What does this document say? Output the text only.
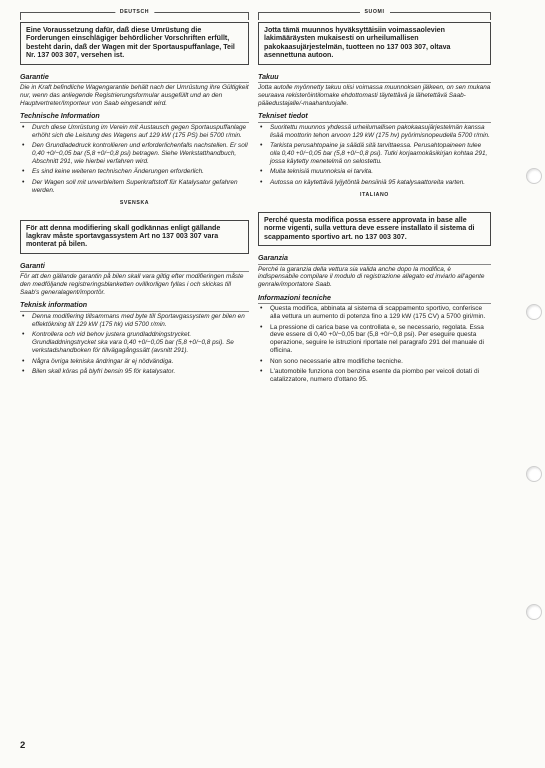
DEUTSCH
Eine Voraussetzung dafür, daß diese Umrüstung die Forderungen einschlägiger behördlicher Vorschriften erfüllt, besteht darin, daß der Wagen mit der Sportauspuffanlage, Teil Nr. 137 003 307, versehen ist.
Garantie

Die in Kraft befindliche Wagengarantie behält nach der Umrüstung ihre Gültigkeit nur, wenn das anliegende Registrierungsformular ausgefüllt und an den Hauptvertreter/Importeur von Saab eingesandt wird.

Technische Information
• Durch diese Umrüstung im Verein mit Austausch gegen Sportauspuffanlage erhöht sich die Leistung des Wagens auf 129 kW (175 PS) bei 5700 r/min.
• Den Grundladedruck kontrollieren und erforderlichenfalls nachstellen. Er soll 0,40 +0/−0,05 bar (5,8 +0/−0,8 psi) betragen. Siehe Werkstatthandbuch, Abschnitt 291, wie hierbei verfahren wird.
• Es sind keine weiteren technischen Änderungen erforderlich.
• Der Wagen soll mit unverbleitem Superkraftstoff für Katalysator gefahren werden.
SVENSKA
För att denna modifiering skall godkännas enligt gällande lagkrav måste sportavgassystem Art no 137 003 307 vara monterat på bilen.
Garanti

För att den gällande garantin på bilen skall vara giltig efter modifieringen måste den medföljande registreringsblanketten ovillkorligen fyllas i och skickas till Saab's generalagent/importör.

Teknisk information
• Denna modifiering tillsammans med byte till Sportavgassystem ger bilen en effektökning till 129 kW (175 hk) vid 5700 r/min.
• Kontrollera och vid behov justera grundladdningstrycket. Grundladdningstrycket ska vara 0,40 +0/−0,05 bar (5,8 +0/−0,8 psi). Se verkstadshandboken för tillvägagångssätt (avsnitt 291).
• Några övriga tekniska ändringar är ej nödvändiga.
• Bilen skall köras på blyfri bensin 95 för katalysator.
SUOMI
Jotta tämä muunnos hyväksyttäisiin voimassaolevien lakimääräysten mukaisesti on urheilumallisen pakokaasujärjestelmän, tuotteen no 137 003 307, oltava asennettuna autoon.
Takuu

Jotta autolle myönnetty takuu olisi voimassa muunnoksen jälkeen, on sen mukana seuraava rekisteröintilomake ehdottomasti täytettävä ja lähetettävä Saab-pääedustajalle/-maahantuojalle.

Tekniset tiedot
• Suoritettu muunnos yhdessä urheilumallisen pakokaasujärjestelmän kanssa lisää moottorin tehon arvoon 129 kW (175 hv) pyörimisnopeudella 5700 r/min.
• Tarkista perusahtopaine ja säädä sitä tarvittaessa. Perusahtopaineen tulee olla 0,40 +0/−0,05 bar (5,8 +0/−0,8 psi). Tutki korjaamokäsikirjan kohtaa 291, jossa käytetty menetelmä on selostettu.
• Muita teknisiä muunnoksia ei tarvita.
• Autossa on käytettävä lyijytöntä bensiiniä 95 katalysaattoreita varten.
ITALIANO
Perché questa modifica possa essere approvata in base alle norme vigenti, sulla vettura deve essere installato il sistema di scappamento sportivo art. no 137 003 307.
Garanzia

Perché la garanzia della vettura sia valida anche dopo la modifica, è indispensabile compilare il modulo di registrazione allegato ed inviarlo all'agente genrale/importatore Saab.

Informazioni tecniche
• Questa modifica, abbinata al sistema di scappamento sportivo, conferisce alla vettura un aumento di potenza fino a 129 kW (175 CV) a 5700 giri/min.
• La pressione di carica base va controllata e, se necessario, regolata. Essa deve essere di 0,40 +0/−0,05 bar (5,8 +0/−0,8 psi). Per eseguire questa operazione, seguire le istruzioni riportate nel paragrafo 291 del manuale di officina.
• Non sono necessarie altre modifiche tecniche.
• L'automobile funziona con benzina esente da piombo per veicoli dotati di catalizzatore, numero d'ottano 95.
2
